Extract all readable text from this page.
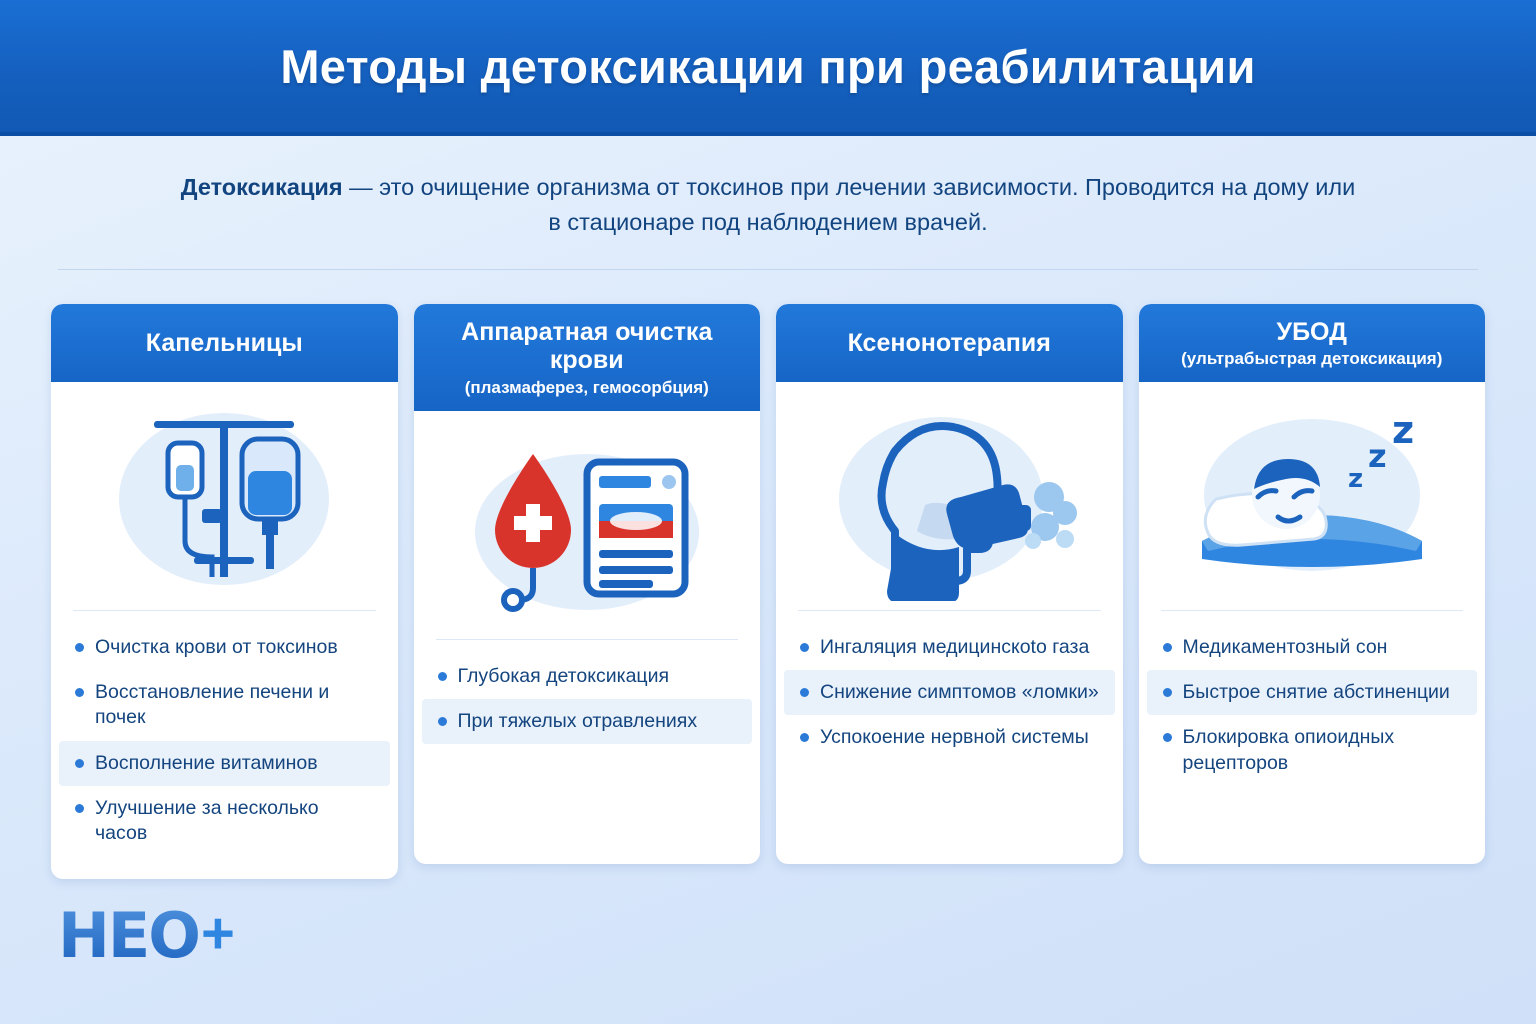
Методы детоксикации при реабилитации
Детоксикация — это очищение организма от токсинов при лечении зависимости. Проводится на дому или в стационаре под наблюдением врачей.
Капельницы
Очистка крови от токсинов
Восстановление печени и почек
Восполнение витаминов
Улучшение за несколько часов
Аппаратная очистка крови
(плазмаферез, гемосорбция)
Глубокая детоксикация
При тяжелых отравлениях
Ксенонотерапия
Ингаляция медицинскоto газа
Снижение симптомов «ломки»
Успокоение нервной системы
УБОД
(ультрабыстрая детоксикация)
z
z
z
Медикаментозный сон
Быстрое снятие абстиненции
Блокировка опиоидных рецепторов
HEO +
